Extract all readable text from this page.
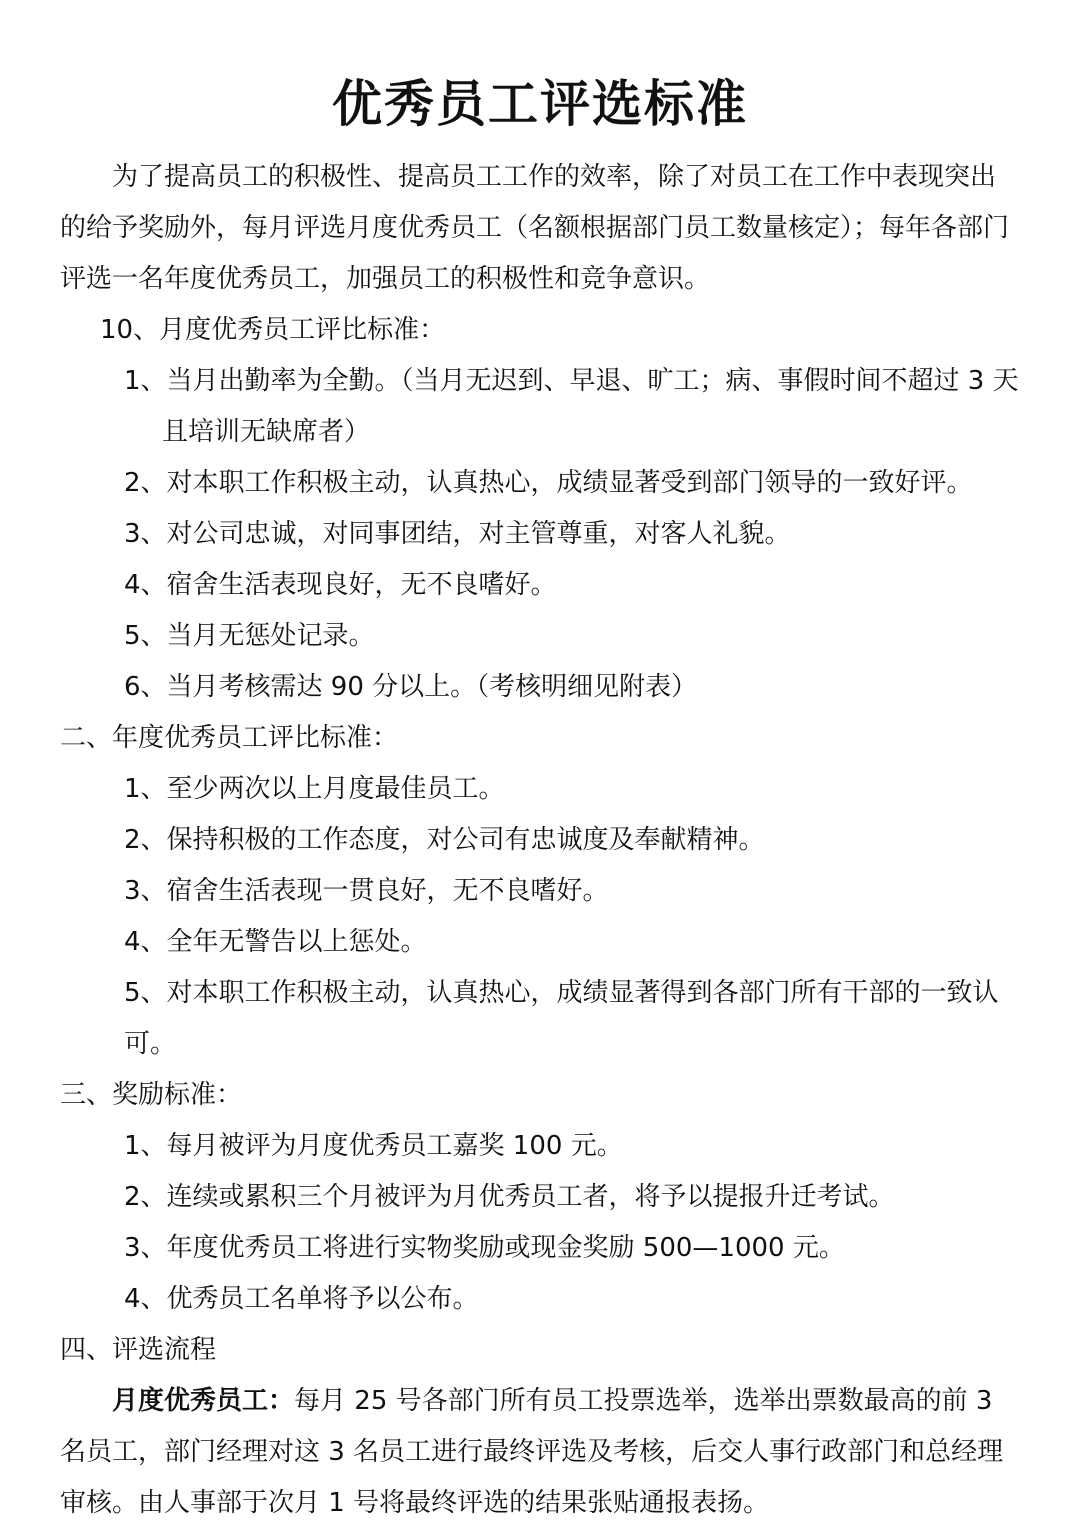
优秀员工评选标准

为了提高员工的积极性、提高员工工作的效率，除了对员工在工作中表现突出的给予奖励外，每月评选月度优秀员工（名额根据部门员工数量核定）；每年各部门评选一名年度优秀员工，加强员工的积极性和竞争意识。

10、月度优秀员工评比标准：

1、当月出勤率为全勤。（当月无迟到、早退、旷工；病、事假时间不超过 3 天且培训无缺席者）

2、对本职工作积极主动，认真热心，成绩显著受到部门领导的一致好评。

3、对公司忠诚，对同事团结，对主管尊重，对客人礼貌。

4、宿舍生活表现良好，无不良嗜好。

5、当月无惩处记录。

6、当月考核需达 90 分以上。（考核明细见附表）

二、年度优秀员工评比标准：

1、至少两次以上月度最佳员工。

2、保持积极的工作态度，对公司有忠诚度及奉献精神。

3、宿舍生活表现一贯良好，无不良嗜好。

4、全年无警告以上惩处。

5、对本职工作积极主动，认真热心，成绩显著得到各部门所有干部的一致认可。

三、奖励标准：

1、每月被评为月度优秀员工嘉奖 100 元。

2、连续或累积三个月被评为月优秀员工者，将予以提报升迁考试。

3、年度优秀员工将进行实物奖励或现金奖励 500—1000 元。

4、优秀员工名单将予以公布。

四、评选流程

月度优秀员工：每月 25 号各部门所有员工投票选举，选举出票数最高的前 3 名员工，部门经理对这 3 名员工进行最终评选及考核，后交人事行政部门和总经理审核。由人事部于次月 1 号将最终评选的结果张贴通报表扬。
